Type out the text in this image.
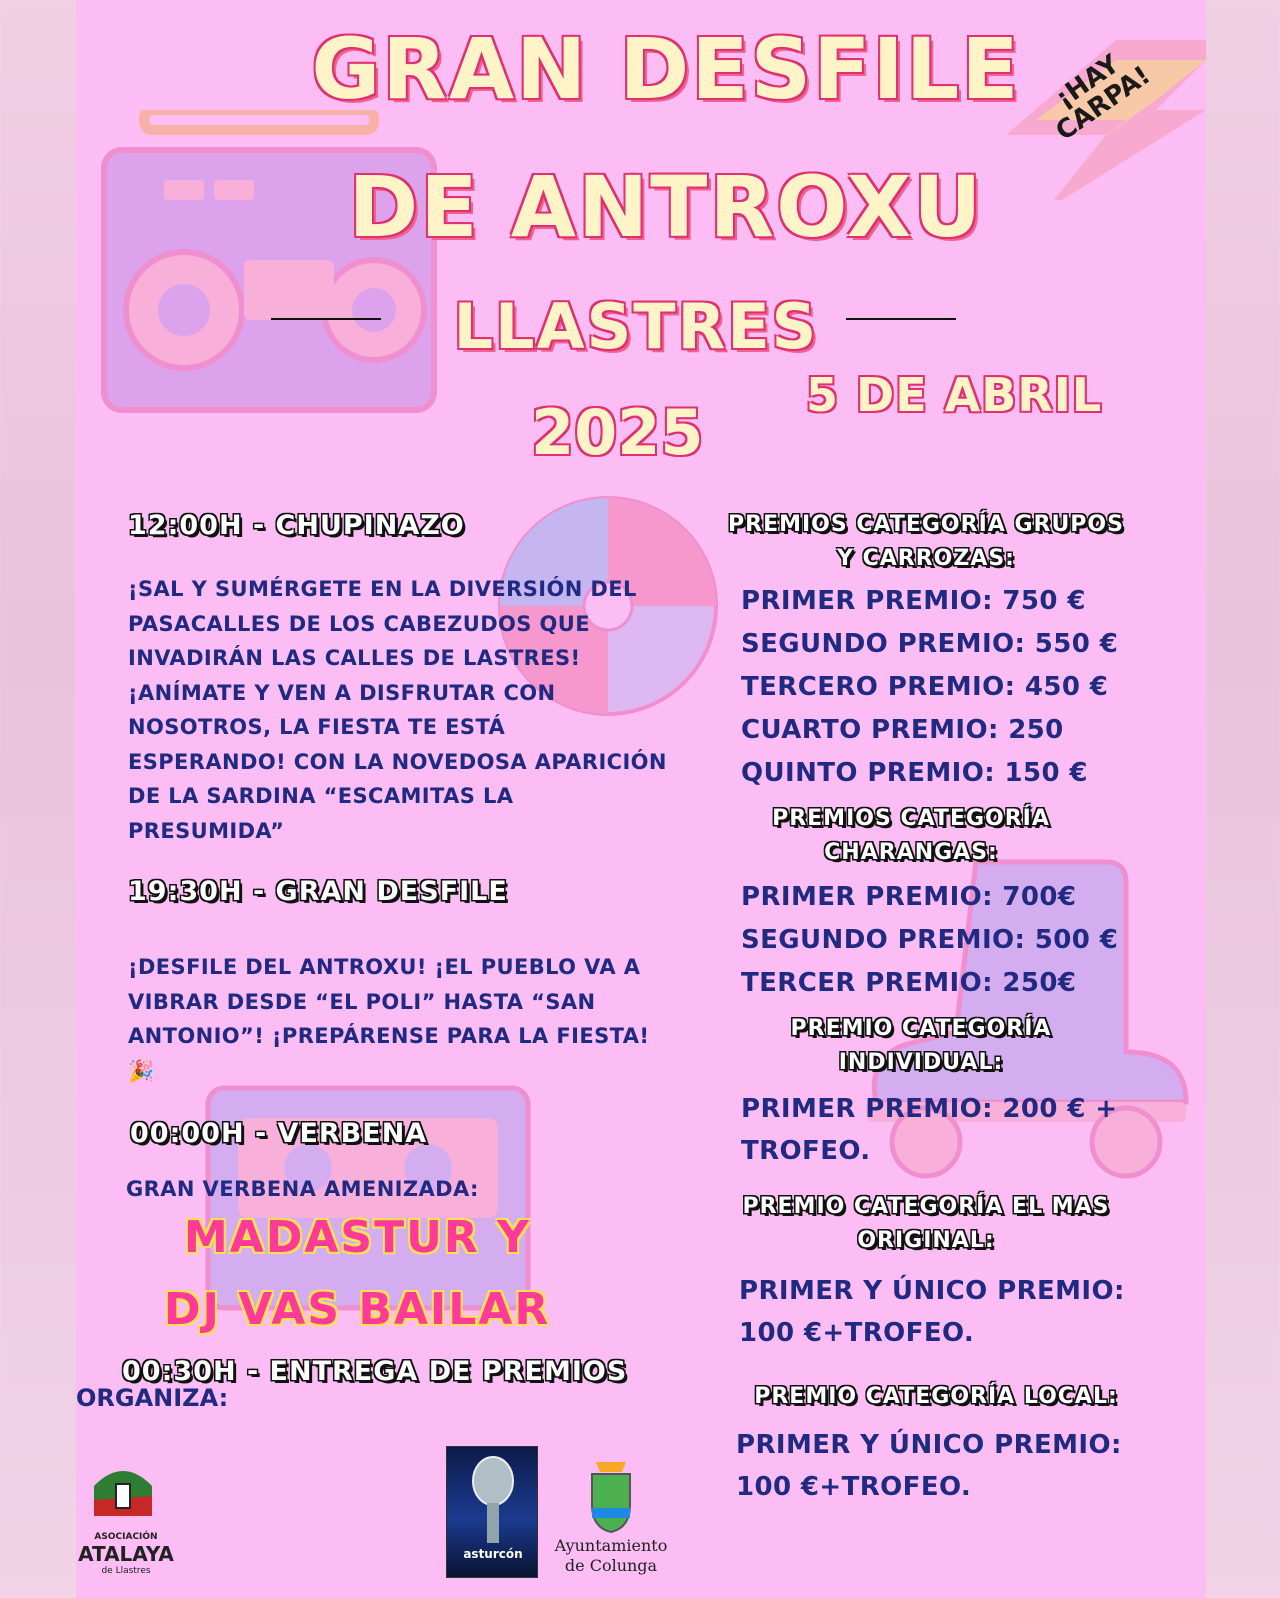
¡HAY CARPA!
GRAN DESFILE
DE ANTROXU
LLASTRES
5 DE ABRIL
2025
12:00H - CHUPINAZO
¡SAL Y SUMÉRGETE EN LA DIVERSIÓN DEL PASACALLES DE LOS CABEZUDOS QUE INVADIRÁN LAS CALLES DE LASTRES! ¡ANÍMATE Y VEN A DISFRUTAR CON NOSOTROS, LA FIESTA TE ESTÁ ESPERANDO! CON LA NOVEDOSA APARICIÓN DE LA SARDINA “ESCAMITAS LA PRESUMIDA”
19:30H - GRAN DESFILE
¡DESFILE DEL ANTROXU! ¡EL PUEBLO VA A VIBRAR DESDE “EL POLI” HASTA “SAN ANTONIO”! ¡PREPÁRENSE PARA LA FIESTA! 🎉
00:00H - VERBENA
GRAN VERBENA AMENIZADA:
MADASTUR Y
DJ VAS BAILAR
00:30H - ENTREGA DE PREMIOS
PREMIOS CATEGORÍA GRUPOS Y CARROZAS:
PRIMER PREMIO: 750 €
SEGUNDO PREMIO: 550 €
TERCERO PREMIO: 450 €
CUARTO PREMIO: 250
QUINTO PREMIO: 150 €
PREMIOS CATEGORÍA CHARANGAS:
PRIMER PREMIO: 700€
SEGUNDO PREMIO: 500 €
TERCER PREMIO: 250€
PREMIO CATEGORÍA INDIVIDUAL:
PRIMER PREMIO: 200 € + TROFEO.
PREMIO CATEGORÍA EL MAS ORIGINAL:
PRIMER Y ÚNICO PREMIO: 100 €+TROFEO.
PREMIO CATEGORÍA LOCAL:
PRIMER Y ÚNICO PREMIO: 100 €+TROFEO.
ORGANIZA:
ASOCIACIÓN
ATALAYA
de Llastres
asturcón	Ayuntamiento
de Colunga
